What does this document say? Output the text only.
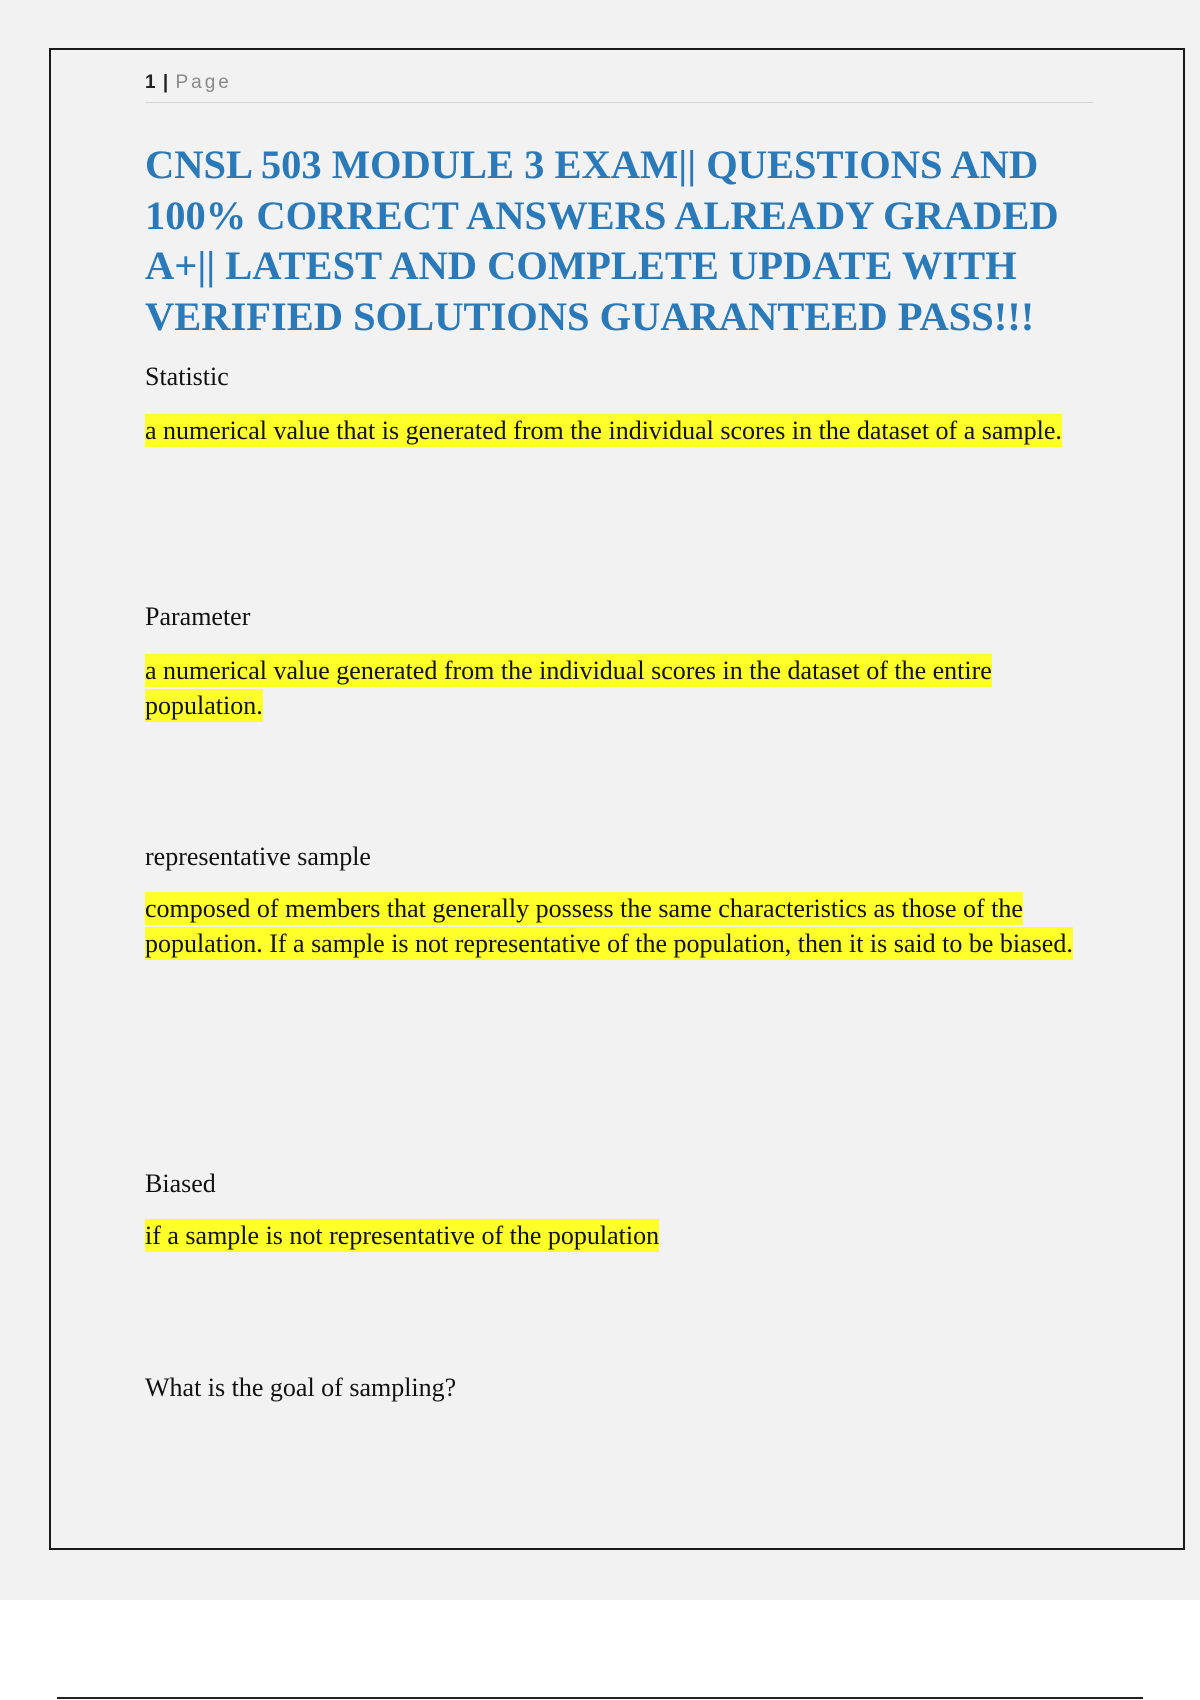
1 | Page
CNSL 503 MODULE 3 EXAM|| QUESTIONS AND 100% CORRECT ANSWERS ALREADY GRADED A+|| LATEST AND COMPLETE UPDATE WITH VERIFIED SOLUTIONS GUARANTEED PASS!!!

Statistic

a numerical value that is generated from the individual scores in the dataset of a sample.

Parameter

a numerical value generated from the individual scores in the dataset of the entire population.

representative sample

composed of members that generally possess the same characteristics as those of the population. If a sample is not representative of the population, then it is said to be biased.

Biased

if a sample is not representative of the population

What is the goal of sampling?
